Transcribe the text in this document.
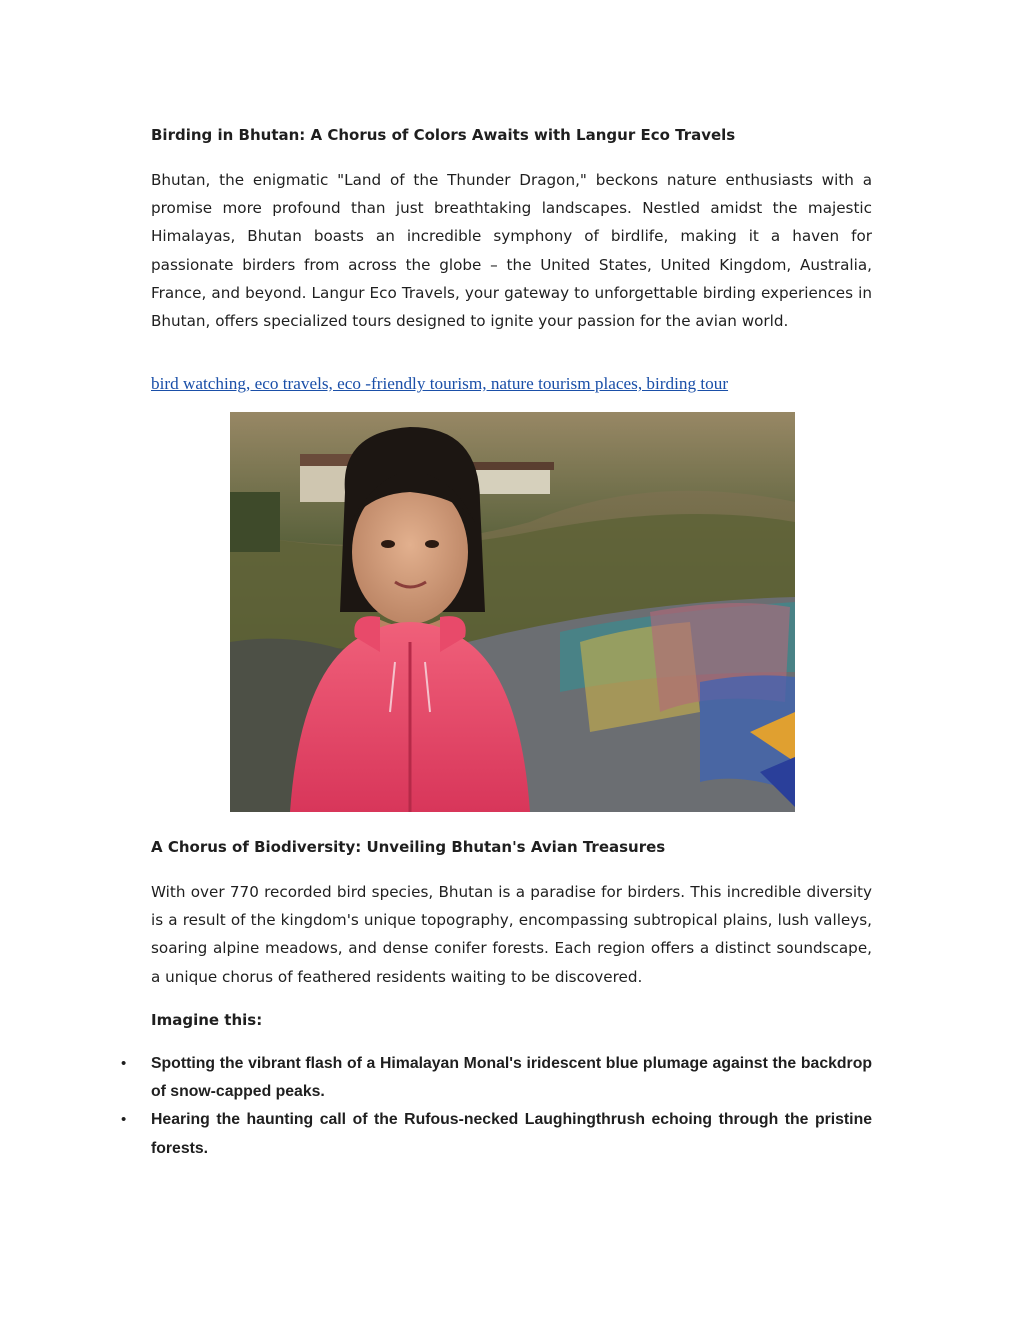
Birding in Bhutan: A Chorus of Colors Awaits with Langur Eco Travels

Bhutan, the enigmatic "Land of the Thunder Dragon," beckons nature enthusiasts with a promise more profound than just breathtaking landscapes. Nestled amidst the majestic Himalayas, Bhutan boasts an incredible symphony of birdlife, making it a haven for passionate birders from across the globe – the United States, United Kingdom, Australia, France, and beyond. Langur Eco Travels, your gateway to unforgettable birding experiences in Bhutan, offers specialized tours designed to ignite your passion for the avian world.

bird watching, eco travels, eco -friendly tourism, nature tourism places, birding tour

A Chorus of Biodiversity: Unveiling Bhutan's Avian Treasures

With over 770 recorded bird species, Bhutan is a paradise for birders. This incredible diversity is a result of the kingdom's unique topography, encompassing subtropical plains, lush valleys, soaring alpine meadows, and dense conifer forests. Each region offers a distinct soundscape, a unique chorus of feathered residents waiting to be discovered.

Imagine this:

• Spotting the vibrant flash of a Himalayan Monal's iridescent blue plumage against the backdrop of snow-capped peaks.
• Hearing the haunting call of the Rufous-necked Laughingthrush echoing through the pristine forests.
